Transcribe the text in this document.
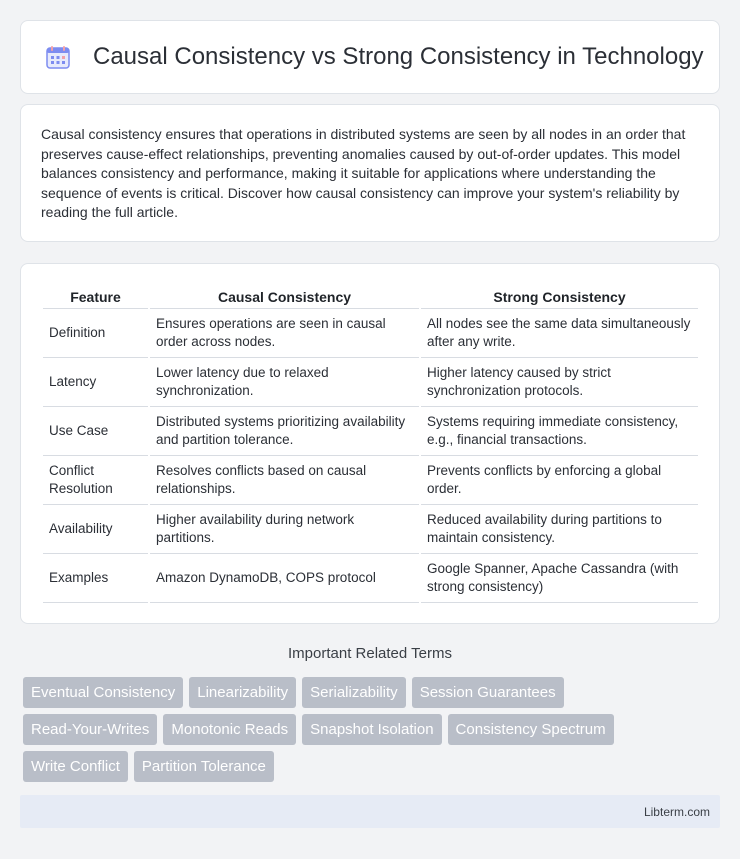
Causal Consistency vs Strong Consistency in Technology

Causal consistency ensures that operations in distributed systems are seen by all nodes in an order that preserves cause-effect relationships, preventing anomalies caused by out-of-order updates. This model balances consistency and performance, making it suitable for applications where understanding the sequence of events is critical. Discover how causal consistency can improve your system's reliability by reading the full article.

Feature	Causal Consistency	Strong Consistency
Definition	Ensures operations are seen in causal order across nodes.	All nodes see the same data simultaneously after any write.
Latency	Lower latency due to relaxed synchronization.	Higher latency caused by strict synchronization protocols.
Use Case	Distributed systems prioritizing availability and partition tolerance.	Systems requiring immediate consistency, e.g., financial transactions.
Conflict Resolution	Resolves conflicts based on causal relationships.	Prevents conflicts by enforcing a global order.
Availability	Higher availability during network partitions.	Reduced availability during partitions to maintain consistency.
Examples	Amazon DynamoDB, COPS protocol	Google Spanner, Apache Cassandra (with strong consistency)
Important Related Terms
Eventual Consistency	Linearizability	Serializability	Session Guarantees
Read-Your-Writes	Monotonic Reads	Snapshot Isolation	Consistency Spectrum
Write Conflict	Partition Tolerance
Libterm.com
